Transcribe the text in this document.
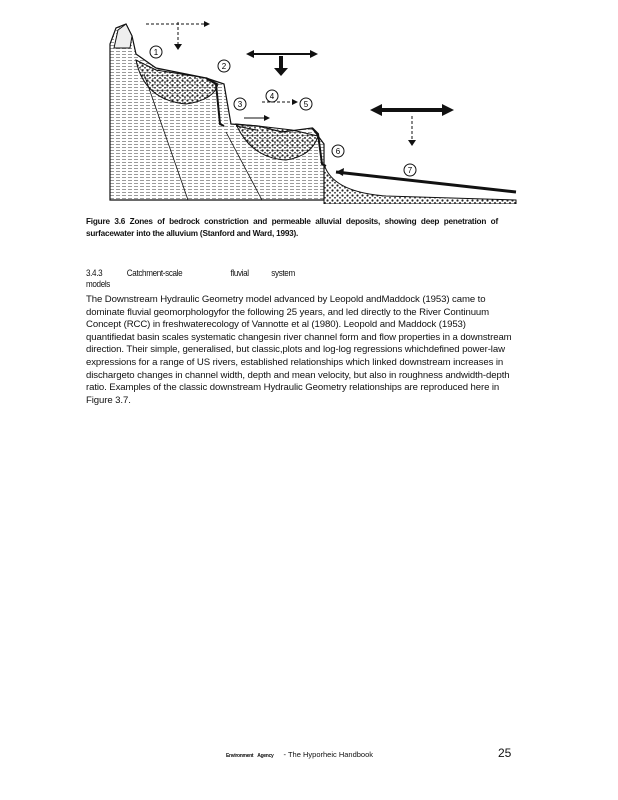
1
2
3
4
5
6
7
Figure 3.6 Zones of bedrock constriction and permeable alluvial deposits, showing deep penetration of surfacewater into the alluvium (Stanford and Ward, 1993).
3.4.3	Catchment-scale	fluvial systemmodels
The Downstream Hydraulic Geometry model advanced by Leopold andMaddock (1953) came to dominate fluvial geomorphologyfor the following 25 years, and led directly to the River Continuum Concept (RCC) in freshwaterecology of Vannotte et al (1980). Leopold and Maddock (1953) quantifiedat basin scales systematic changesin river channel form and flow properties in a downstream direction. Their simple, generalised, but classic,plots and log-log regressions whichdefined power-law expressions for a range of US rivers, established relationships which linked downstream increases in dischargeto changes in channel width, depth and mean velocity, but also in roughness andwidth-depth ratio. Examples of the classic downstream Hydraulic Geometry relationships are reproduced here in Figure 3.7.
Environment Agency - The Hyporheic Handbook	25
